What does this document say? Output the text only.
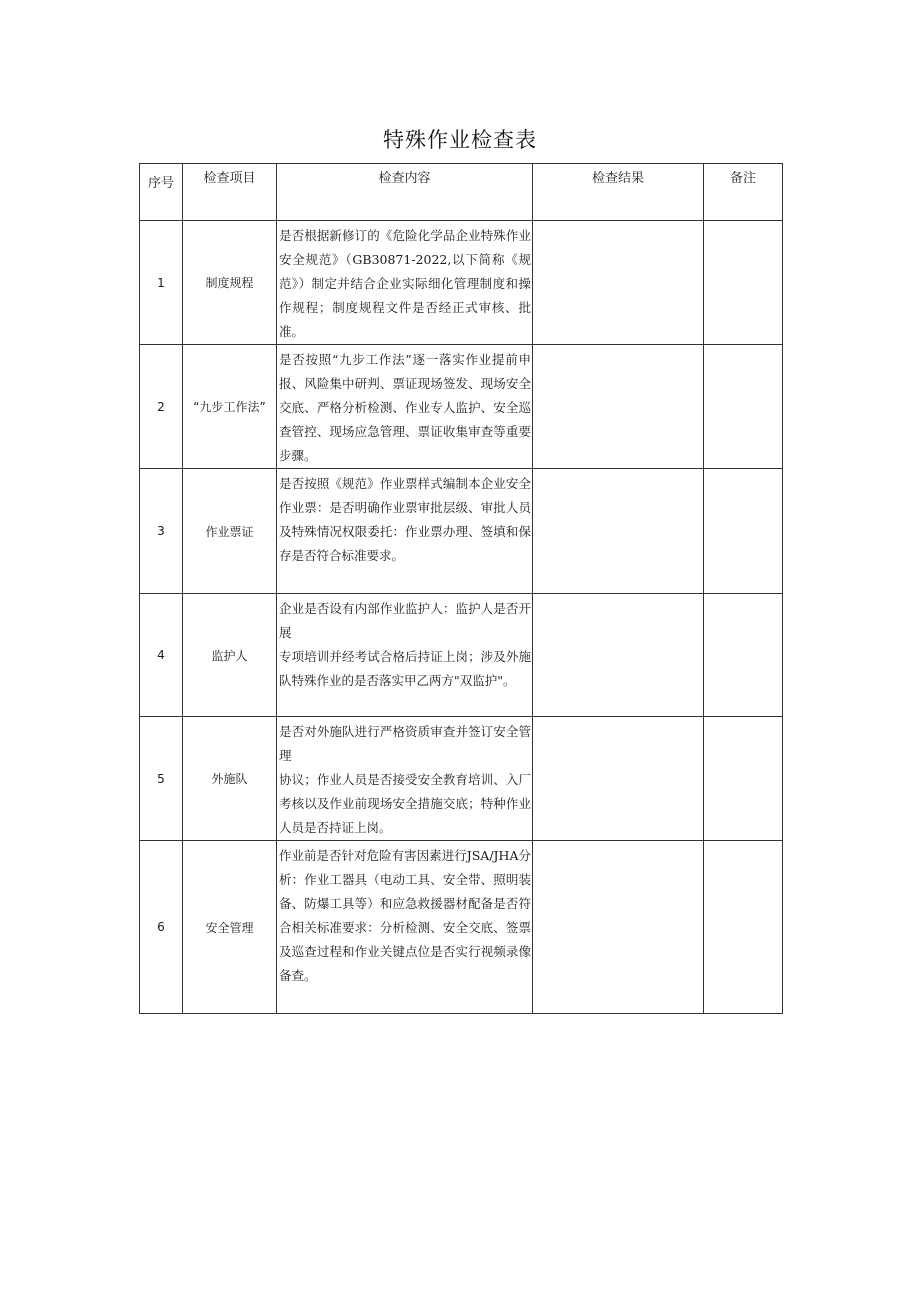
特殊作业检查表
序号	检查项目	检查内容	检查结果	备注
1	制度规程	是否根据新修订的《危险化学品企业特殊作业安全规范》（GB30871-2022,以下简称《规范》）制定并结合企业实际细化管理制度和操作规程；制度规程文件是否经正式审核、批准。		
2	“九步工作法”	是否按照“九步工作法”逐一落实作业提前申报、风险集中研判、票证现场签发、现场安全交底、严格分析检测、作业专人监护、安全巡查管控、现场应急管理、票证收集审查等重要步骤。		
3	作业票证	是否按照《规范》作业票样式编制本企业安全作业票：是否明确作业票审批层级、审批人员及特殊情况权限委托：作业票办理、签填和保存是否符合标准要求。		
4	监护人	企业是否设有内部作业监护人：监护人是否开展
专项培训并经考试合格后持证上岗；涉及外施队特殊作业的是否落实甲乙两方"双监护"。		
5	外施队	是否对外施队进行严格资质审查并签订安全管理
协议；作业人员是否接受安全教育培训、入厂考核以及作业前现场安全措施交底；特种作业人员是否持证上岗。		
6	安全管理	作业前是否针对危险有害因素进行JSA/JHA分析：作业工器具（电动工具、安全带、照明装备、防爆工具等）和应急救援器材配备是否符合相关标准要求：分析检测、安全交底、签票及巡查过程和作业关键点位是否实行视频录像备查。		
